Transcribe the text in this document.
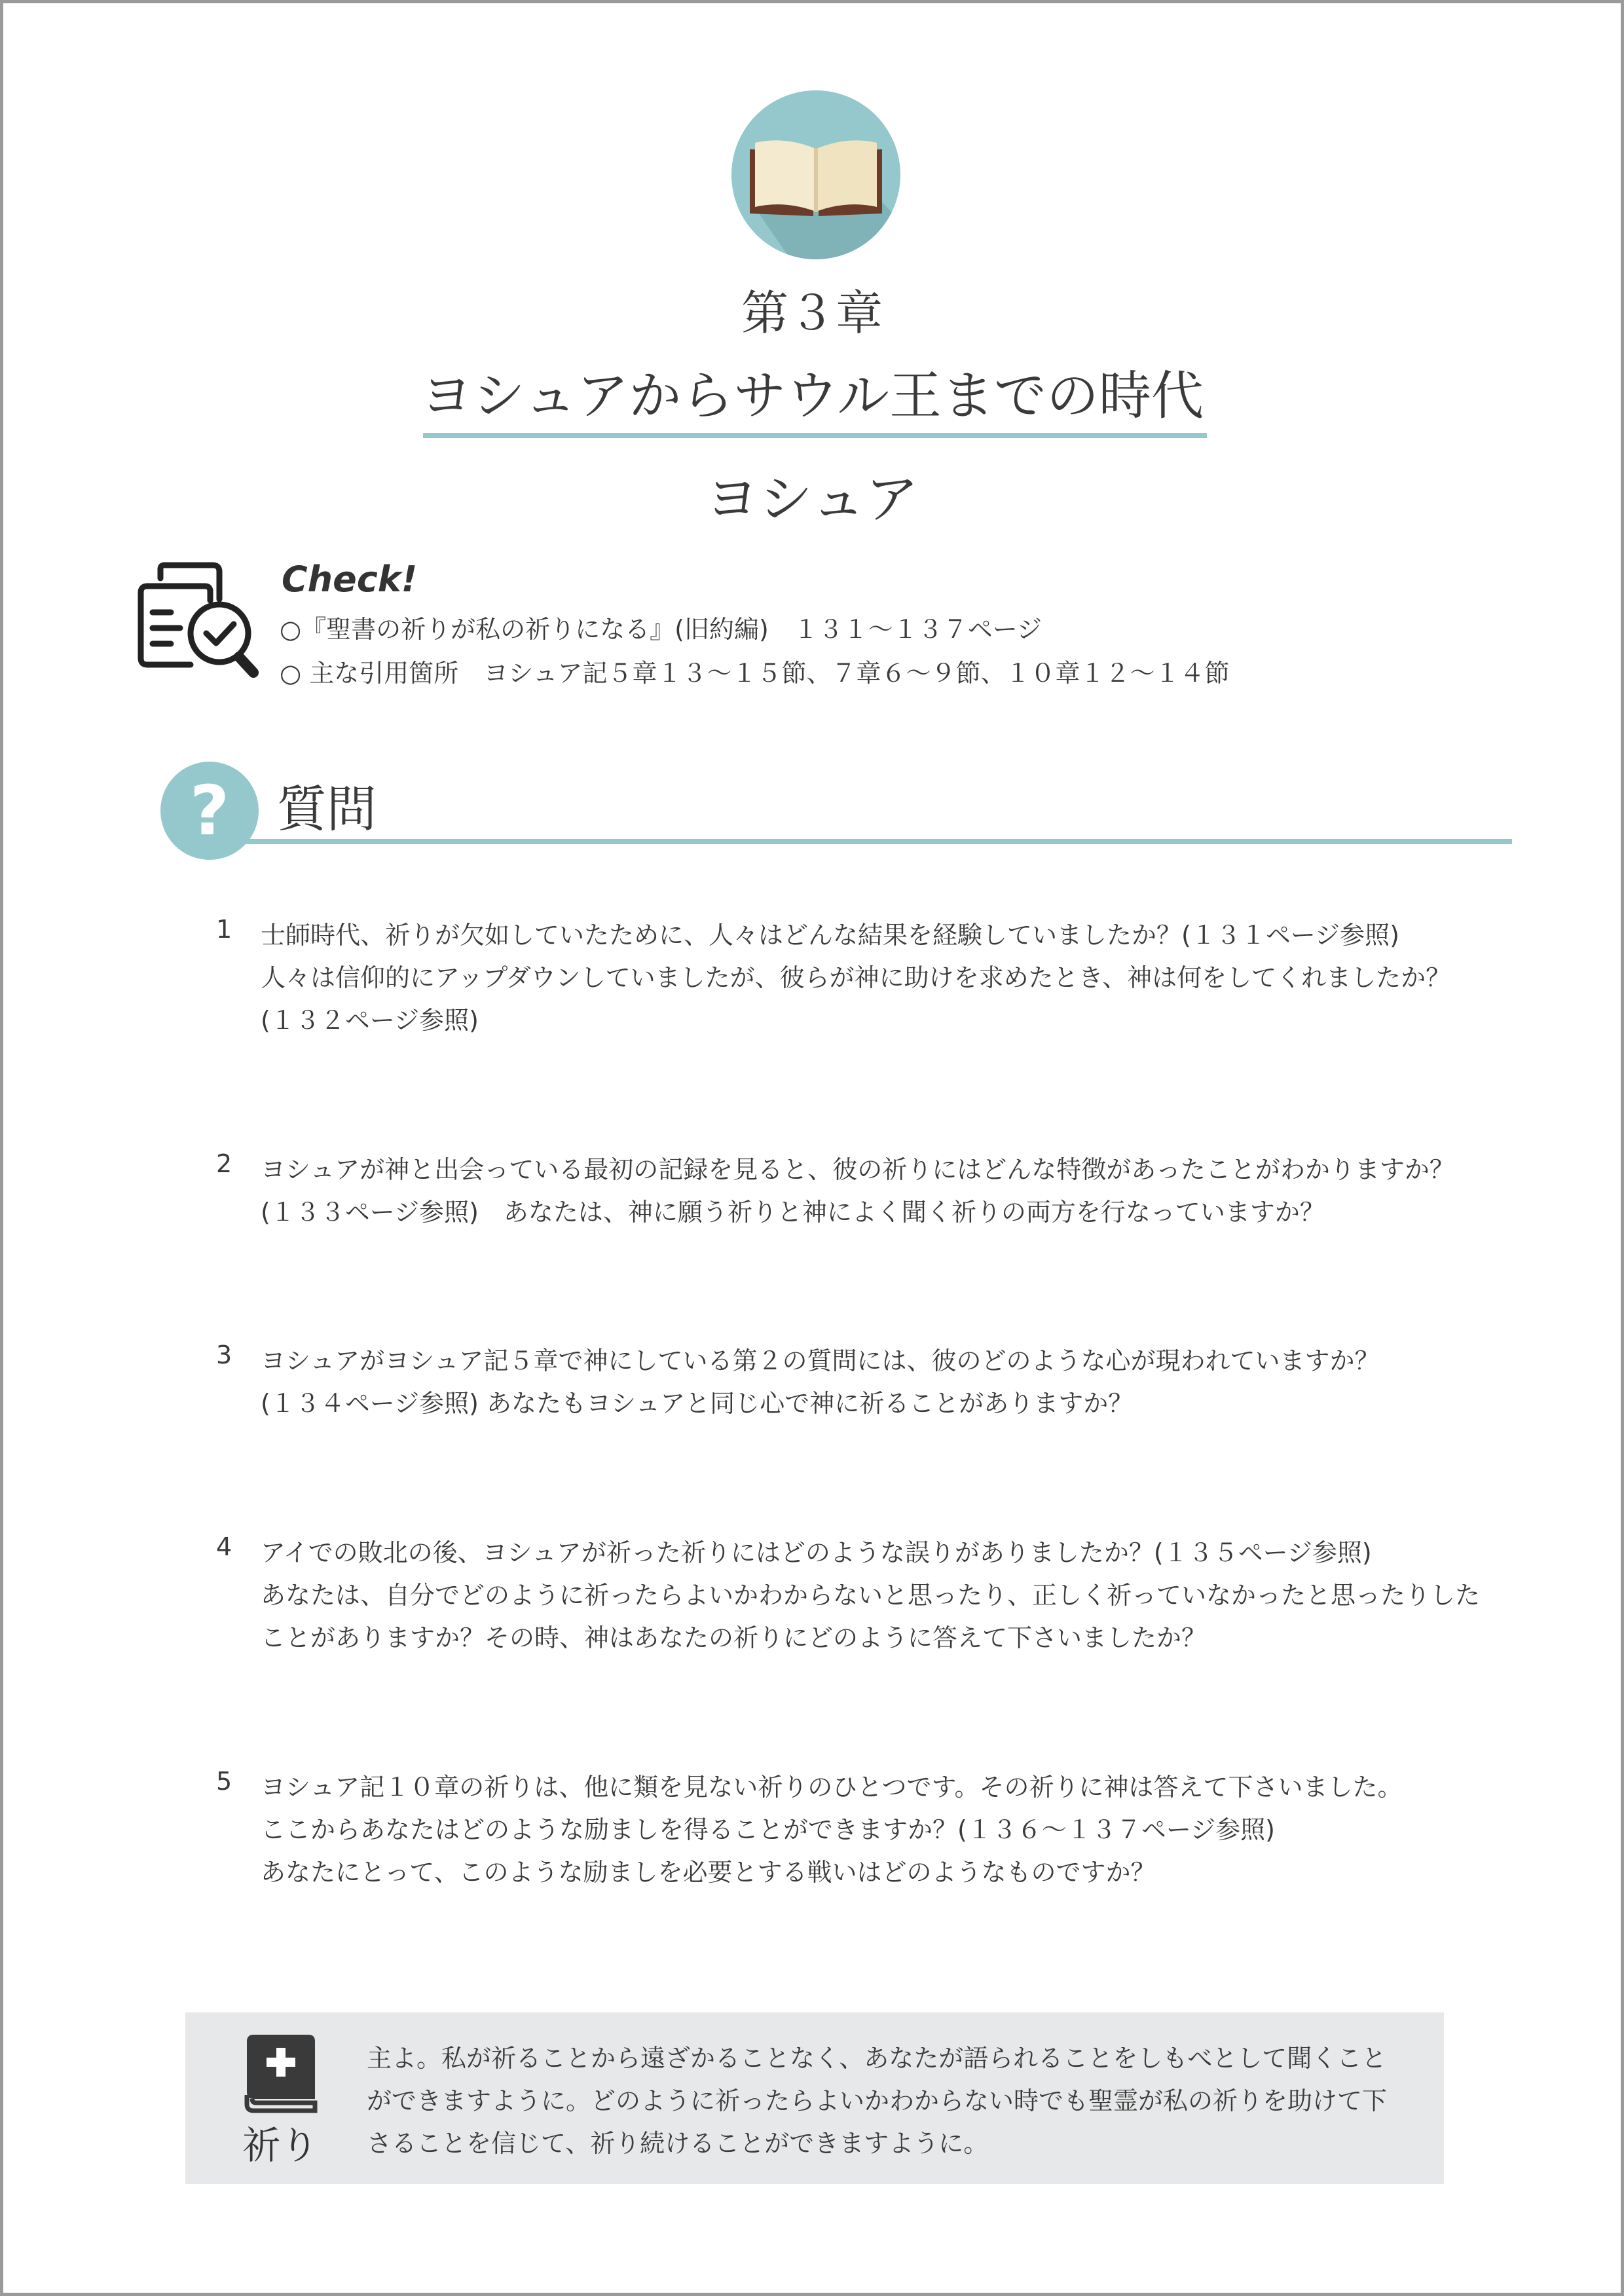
第３章
ヨシュアからサウル王までの時代
ヨシュア
Check!
○『聖書の祈りが私の祈りになる』(旧約編)　１３１〜１３７ページ
○ 主な引用箇所　ヨシュア記５章１３〜１５節、７章６〜９節、１０章１２〜１４節
? 質問
1 士師時代、祈りが欠如していたために、人々はどんな結果を経験していましたか？(１３１ページ参照)
人々は信仰的にアップダウンしていましたが、彼らが神に助けを求めたとき、神は何をしてくれましたか？
(１３２ページ参照)
2 ヨシュアが神と出会っている最初の記録を見ると、彼の祈りにはどんな特徴があったことがわかりますか？
(１３３ページ参照)　あなたは、神に願う祈りと神によく聞く祈りの両方を行なっていますか？
3 ヨシュアがヨシュア記５章で神にしている第２の質問には、彼のどのような心が現われていますか？
(１３４ページ参照) あなたもヨシュアと同じ心で神に祈ることがありますか？
4 アイでの敗北の後、ヨシュアが祈った祈りにはどのような誤りがありましたか？(１３５ページ参照)
あなたは、自分でどのように祈ったらよいかわからないと思ったり、正しく祈っていなかったと思ったりした
ことがありますか？その時、神はあなたの祈りにどのように答えて下さいましたか？
5 ヨシュア記１０章の祈りは、他に類を見ない祈りのひとつです。その祈りに神は答えて下さいました。
ここからあなたはどのような励ましを得ることができますか？(１３６〜１３７ページ参照)
あなたにとって、このような励ましを必要とする戦いはどのようなものですか？
祈り
主よ。私が祈ることから遠ざかることなく、あなたが語られることをしもべとして聞くこと
ができますように。どのように祈ったらよいかわからない時でも聖霊が私の祈りを助けて下
さることを信じて、祈り続けることができますように。
